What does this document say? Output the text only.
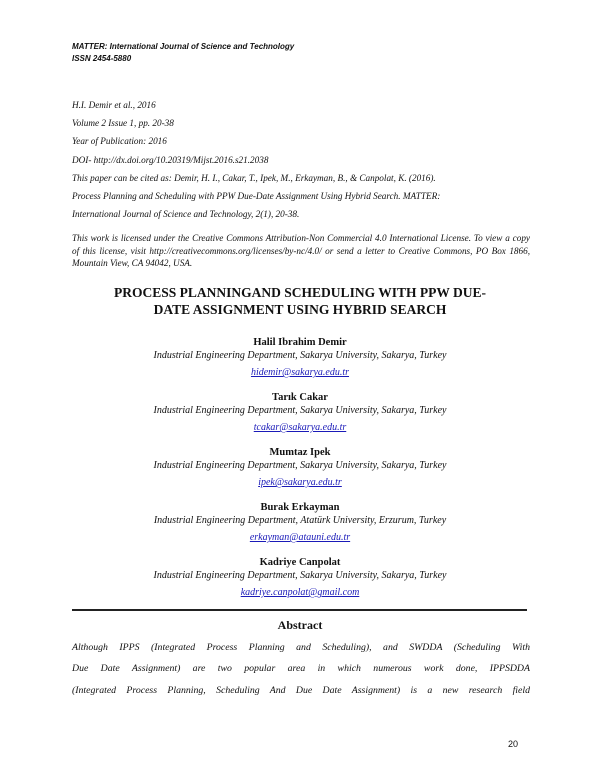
MATTER: International Journal of Science and Technology
ISSN 2454-5880
H.I. Demir et al., 2016
Volume 2 Issue 1, pp. 20-38
Year of Publication: 2016
DOI- http://dx.doi.org/10.20319/Mijst.2016.s21.2038
This paper can be cited as: Demir, H. I., Cakar, T., Ipek, M., Erkayman, B., & Canpolat, K. (2016).
Process Planning and Scheduling with PPW Due-Date Assignment Using Hybrid Search. MATTER:
International Journal of Science and Technology, 2(1), 20-38.
This work is licensed under the Creative Commons Attribution-Non Commercial 4.0 International License. To view a copy of this license, visit http://creativecommons.org/licenses/by-nc/4.0/ or send a letter to Creative Commons, PO Box 1866, Mountain View, CA 94042, USA.
PROCESS PLANNINGAND SCHEDULING WITH PPW DUE-
DATE ASSIGNMENT USING HYBRID SEARCH
Halil Ibrahim Demir
Industrial Engineering Department, Sakarya University, Sakarya, Turkey
hidemir@sakarya.edu.tr
Tarık Cakar
Industrial Engineering Department, Sakarya University, Sakarya, Turkey
tcakar@sakarya.edu.tr
Mumtaz Ipek
Industrial Engineering Department, Sakarya University, Sakarya, Turkey
ipek@sakarya.edu.tr
Burak Erkayman
Industrial Engineering Department, Atatürk University, Erzurum, Turkey
erkayman@atauni.edu.tr
Kadriye Canpolat
Industrial Engineering Department, Sakarya University, Sakarya, Turkey
kadriye.canpolat@gmail.com
Abstract
Although IPPS (Integrated Process Planning and Scheduling), and SWDDA (Scheduling With
Due Date Assignment) are two popular area in which numerous work done, IPPSDDA
(Integrated Process Planning, Scheduling And Due Date Assignment) is a new research field
20
